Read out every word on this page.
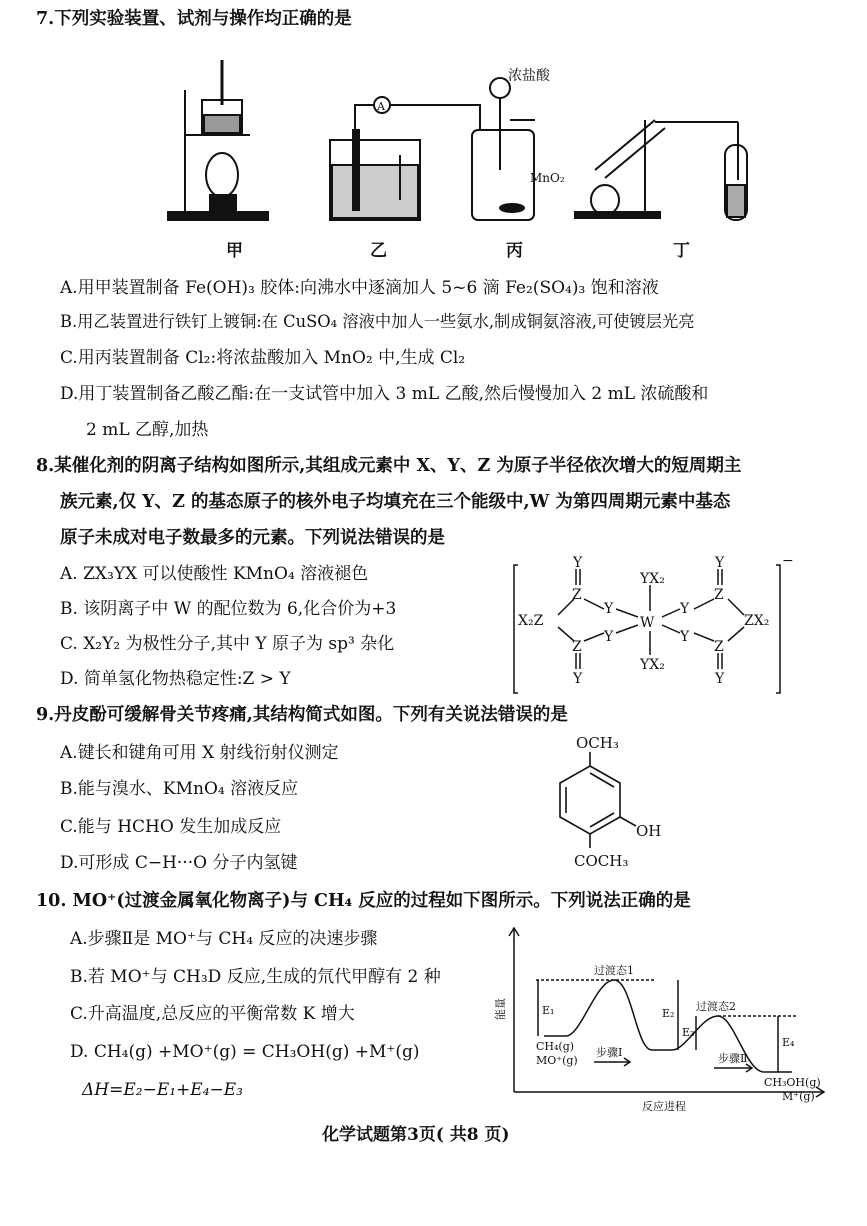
7.下列实验装置、试剂与操作均正确的是
A
浓盐酸
MnO₂
甲	乙	丙	丁
A.用甲装置制备 Fe(OH)₃ 胶体:向沸水中逐滴加人 5~6 滴 Fe₂(SO₄)₃ 饱和溶液
B.用乙装置进行铁钉上镀铜:在 CuSO₄ 溶液中加人一些氨水,制成铜氨溶液,可使镀层光亮
C.用丙装置制备 Cl₂:将浓盐酸加入 MnO₂ 中,生成 Cl₂
D.用丁装置制备乙酸乙酯:在一支试管中加入 3 mL 乙酸,然后慢慢加入 2 mL 浓硫酸和
2 mL 乙醇,加热
8.某催化剂的阴离子结构如图所示,其组成元素中 X、Y、Z 为原子半径依次增大的短周期主
族元素,仅 Y、Z 的基态原子的核外电子均填充在三个能级中,W 为第四周期元素中基态
原子未成对电子数最多的元素。下列说法错误的是
A. ZX₃YX 可以使酸性 KMnO₄ 溶液褪色
B. 该阴离子中 W 的配位数为 6,化合价为+3
C. X₂Y₂ 为极性分子,其中 Y 原子为 sp³ 杂化
D. 简单氢化物热稳定性:Z > Y
X₂Z
Z
Z
Y
Y
Y
Y
W
YX₂
YX₂
Y
Y
Z
Z
Y
Y
ZX₂
−
9.丹皮酚可缓解骨关节疼痛,其结构简式如图。下列有关说法错误的是
A.键长和键角可用 X 射线衍射仪测定
B.能与溴水、KMnO₄ 溶液反应
C.能与 HCHO 发生加成反应
D.可形成 C−H···O 分子内氢键
OCH₃
OH
COCH₃
10. MO⁺(过渡金属氧化物离子)与 CH₄ 反应的过程如下图所示。下列说法正确的是
A.步骤Ⅱ是 MO⁺与 CH₄ 反应的决速步骤
B.若 MO⁺与 CH₃D 反应,生成的氘代甲醇有 2 种
C.升高温度,总反应的平衡常数 K 增大
D. CH₄(g) +MO⁺(g) = CH₃OH(g) +M⁺(g)
ΔH=E₂−E₁+E₄−E₃
能量
反应进程
过渡态1
过渡态2
步骤Ⅰ	步骤Ⅱ
CH₄(g)
MO⁺(g)
CH₃OH(g)
M⁺(g)
E₁	E₂
E₃
E₄
化学试题第3页( 共8 页)
